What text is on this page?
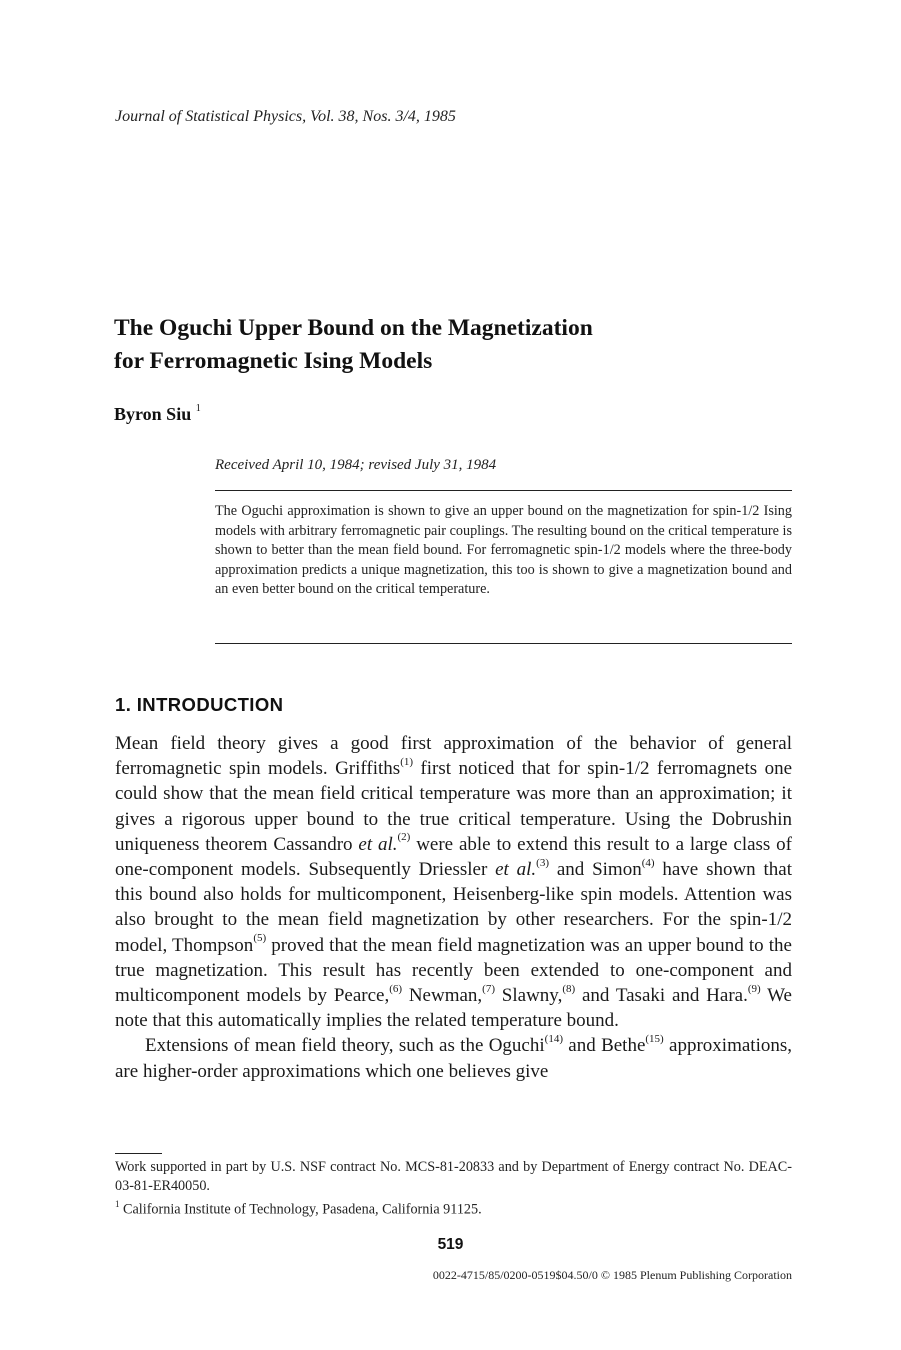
Journal of Statistical Physics, Vol. 38, Nos. 3/4, 1985
The Oguchi Upper Bound on the Magnetization
for Ferromagnetic Ising Models
Byron Siu $^1$
Received April 10, 1984; revised July 31, 1984
The Oguchi approximation is shown to give an upper bound on the magnetization for spin-1/2 Ising models with arbitrary ferromagnetic pair couplings. The resulting bound on the critical temperature is shown to better than the mean field bound. For ferromagnetic spin-1/2 models where the three-body approximation predicts a unique magnetization, this too is shown to give a magnetization bound and an even better bound on the critical temperature.
1. INTRODUCTION

Mean field theory gives a good first approximation of the behavior of general ferromagnetic spin models. Griffiths$^{(1)}$ first noticed that for spin-1/2 ferromagnets one could show that the mean field critical temperature was more than an approximation; it gives a rigorous upper bound to the true critical temperature. Using the Dobrushin uniqueness theorem Cassandro et al.$^{(2)}$ were able to extend this result to a large class of one-component models. Subsequently Driessler et al.$^{(3)}$ and Simon$^{(4)}$ have shown that this bound also holds for multicomponent, Heisenberg-like spin models. Attention was also brought to the mean field magnetization by other researchers. For the spin-1/2 model, Thompson$^{(5)}$ proved that the mean field magnetization was an upper bound to the true magnetization. This result has recently been extended to one-component and multicomponent models by Pearce,$^{(6)}$ Newman,$^{(7)}$ Slawny,$^{(8)}$ and Tasaki and Hara.$^{(9)}$ We note that this automatically implies the related temperature bound.

Extensions of mean field theory, such as the Oguchi$^{(14)}$ and Bethe$^{(15)}$ approximations, are higher-order approximations which one believes give

Work supported in part by U.S. NSF contract No. MCS-81-20833 and by Department of Energy contract No. DEAC-03-81-ER40050.

$^1$ California Institute of Technology, Pasadena, California 91125.

519
0022-4715/85/0200-0519$04.50/0 © 1985 Plenum Publishing Corporation
